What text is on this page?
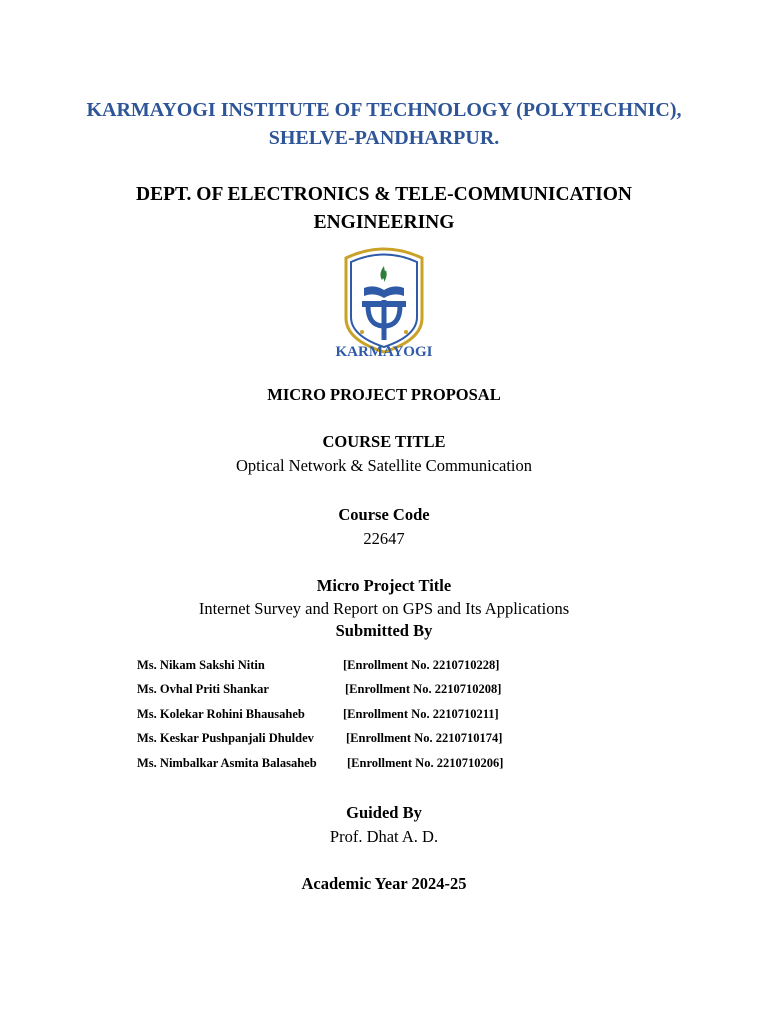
KARMAYOGI INSTITUTE OF TECHNOLOGY (POLYTECHNIC),
SHELVE-PANDHARPUR.
DEPT. OF ELECTRONICS & TELE-COMMUNICATION
ENGINEERING
KARMAYOGI
MICRO PROJECT PROPOSAL
COURSE TITLE
Optical Network & Satellite Communication
Course Code
22647
Micro Project Title
Internet Survey and Report on GPS and Its Applications
Submitted By
Ms. Nikam Sakshi Nitin	[Enrollment No. 2210710228]
Ms. Ovhal Priti Shankar	[Enrollment No. 2210710208]
Ms. Kolekar Rohini Bhausaheb	[Enrollment No. 2210710211]
Ms. Keskar Pushpanjali Dhuldev	[Enrollment No. 2210710174]
Ms. Nimbalkar Asmita Balasaheb	[Enrollment No. 2210710206]
Guided By
Prof. Dhat A. D.
Academic Year 2024-25
